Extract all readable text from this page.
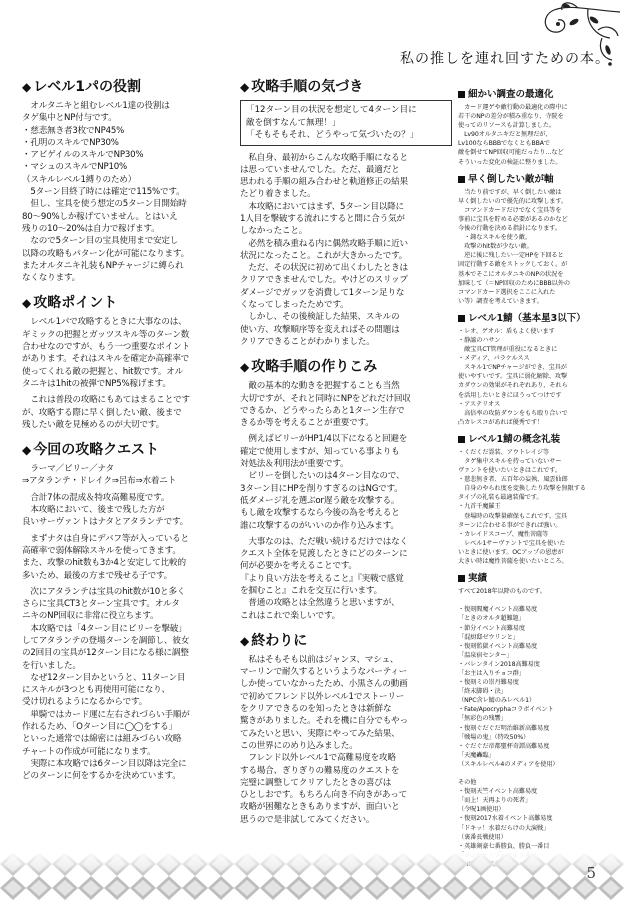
私の推しを連れ回すための本。
◆ レベル1パの役割

　オルタニキと組むレベル1達の役割は
タゲ集中とNP付与です。

・慈悲無き者3枚でNP45%
・孔明のスキルでNP30%
・アビゲイルのスキルでNP30%
・マシュのスキルでNP10%
（スキルレベル1縛りのため）

　5ターン目終了時には確定で115%です。
　但し、宝具を使う想定の5ターン目開始時
80〜90%しか稼げていません。とはいえ
残りの10〜20%は自力で稼げます。
　なので5ターン目の宝具使用まで安定し
以降の攻略もパターン化が可能になります。
またオルタニキ礼装もNPチャージに縛られ
なくなります。

◆ 攻略ポイント

　レベル1パで攻略するときに大事なのは、
ギミックの把握とガッツスキル等のターン数
合わせなのですが、もう一つ重要なポイント
があります。それはスキルを確定か高確率で
使ってくれる敵の把握と、hit数です。オル
タニキは1hitの被弾でNP5%稼げます。

　これは普段の攻略にもあてはまることです
が、攻略する際に早く倒したい敵、後まで
残したい敵を見極めるのが大切です。

◆ 今回の攻略クエスト

　ラーマ／ビリー／ナタ
⇒アタランテ・ドレイク⇒呂布⇒水着ニト

　合計7体の混成＆特攻高難易度です。
　本攻略において、後まで残した方が
良いサーヴァントはナタとアタランテです。

　まずナタは自身にデバフ等が入っていると
高確率で弱体解除スキルを使ってきます。
また、攻撃のhit数も3か4と安定して比較的
多いため、最後の方まで残せる子です。

　次にアタランテは宝具のhit数が10と多く
さらに宝具CT3とターン宝具です。オルタ
ニキのNP回収に非常に役立ちます。
　本攻略では「4ターン目にビリーを撃破」
してアタランテの登場ターンを調節し、彼女
の2回目の宝具が12ターン目になる様に調整
を行いました。
　なぜ12ターン目かというと、11ターン目
にスキルが3つとも再使用可能になり、
受け切れるようになるからです。
　単騎ではカード運に左右されづらい手順が
作れるため、「Oターン目に◯◯をする」
といった通常では綿密には組みづらい攻略
チャートの作成が可能になります。
　実際に本攻略では6ターン目以降は完全に
どのターンに何をするかを決めています。

◆ 攻略手順の気づき
「12ターン目の状況を想定して4ターン目に
敵を倒すなんて無理！」
「そもそもそれ、どうやって気づいたの？」

　私自身、最初からこんな攻略手順になると
は思っていませんでした。ただ、最適だと
思われる手順の組み合わせと軌道修正の結果
たどり着きました。
　本攻略においてはまず、5ターン目以降に
1人目を撃破する流れにすると間に合う気が
しなかったこと。
　必然を積み重ねる内に偶然攻略手順に近い
状況になったこと。これが大きかったです。
　ただ、その状況に初めて出くわしたときは
クリアできませんでした。やけどのスリップ
ダメージでガッツを消費して1ターン足りな
くなってしまったためです。
　しかし、その後検証した結果、スキルの
使い方、攻撃順序等を変えればその問題は
クリアできることがわかりました。

◆ 攻略手順の作りこみ

　敵の基本的な動きを把握することも当然
大切ですが、それと同時にNPをどれだけ回収
できるか、どうやったらあと1ターン生存で
きるか等を考えることが重要です。

　例えばビリーがHP1/4以下になると回避を
確定で使用しますが、知っている事よりも
対処法＆利用法が重要です。
　ビリーを倒したいのは4ターン目なので、
3ターン目にHPを削りすぎるのはNGです。
低ダメージ礼を選ぶor遅う敵を攻撃する。
もし敵を攻撃するなら今後の為を考えると
誰に攻撃するのがいいのか作り込みます。

　大事なのは、ただ戦い続けるだけではなく
クエスト全体を見渡したときにどのターンに
何が必要かを考えることです。
『より良い方法を考えること』『実戦で感覚
を掴むこと』これを交互に行います。
　普通の攻略とは全然違うと思いますが、
これはこれで楽しいです。

◆ 終わりに

　私はそもそも以前はジャンヌ、マシュ、
マーリンで耐久するというようなパーティー
しか使っていなかったため、小黒さんの動画
で初めてフレンド以外レベル1でストーリー
をクリアできるのを知ったときは新鮮な
驚きがありました。それを機に自分でもやっ
てみたいと思い、実際にやってみた結果、
この世界にのめり込みました。
　フレンド以外レベル1で高難易度を攻略
する場合、ぎりぎりの難易度のクエストを
完璧に調整してクリアしたときの喜びは
ひとしおです。もちろん向き不向きがあって
攻略が困難なときもありますが、面白いと
思うので是非試してみてください。

細かい調査の最適化

　カード運ゲや敵行動の最適化の際中に
若干のNPの差分が積み重なり、寺院を
使ってのリソースも計算しました。
　Lv90オルタニキだと無理だが、
Lv100ならBBBでなくともBBAで
敵を倒せてNP回収可能だったり…など
そういった変化の検証に整りました。

早く倒したい敵が軸

　当たり前ですが、早く倒したい敵は
早く倒したいので優先的に攻撃します。
　コマンドカードだけでなく宝具等を
事前に宝具を貯める必要があるのかなど
今後の行動を決める指針になります。
　・鐘なスキルを使う敵。
　攻撃のhit数が少ない敵。
　逆に後に残したい一定HPを下回ると
固定行動する敵をストックしておく。が
基本でそこにオルタニキのNPの状況を
加味して（＝NP回収のためにBBB以外の
コマンドカード選択をここに入れた
い等）調査を考えていきます。

レベル1鯖（基本星3以下）

・レオ、ゲオル：盾もよく使います
・静謐のハサン
　敵宝具CT管理が重役になるときに
・メディア、パラケルスス
　スキル1でNPチャージができ、宝具が
使いやすいです。宝具に弱化解除、攻撃
カダウンの効果がそれぞれあり、それら
を活用したいときにほうってつけです
・アステリオス
　高倍率の攻防ダウンをもち殴り合いで
凸カレスコがあれば優秀です！

レベル1鯖の概念礼装

・くだくだ霊装、アウトレイジ等
　タゲ集中スキルを持っていないサー
ヴァントを使いたいときはこれです。
・慈悲無き者、五百年の妄執、風雲仙郎
　自身のやられ度を変換したり攻撃を無限する
タイプの礼装も最適装備です。
・九首千魔羅王
　登場時の攻撃量確保もこれです。宝具
ターンに合わせる事ができれば強い。
・カレイドスコープ、魔性菩薩等
　レベル1サーヴァントで宝具を使いた
いときに使います。OCアップの恩恵が
大きい時は魔性菩薩を使いたいところ。

実績

すべて2018年以降のものです。

・復刻閻魔イベント高難易度
「ときのオルタ超難題」
・節分イベント高難易度
「混厨邸ゼウリンと」
・復刻監獄イベント高難易度
「温泉宿センター」
・バレンタイン2018高難易度
「お主は入りチョコ群」
・復刻ミの崇丹難易度
「終末脚碍・決」
（NPC含レ鯖のみレベル1）
・Fate/Apocryphaコラボイベント
「無彩色の残響」
・復刻ぐだぐだ明治維新高難易度
「戦場の鬼」（特攻50%）
・ぐだぐだ帝都聖杯奇譚高難易度
「天魔轟臨」
（スキルレベル4のメディアを使用）

その他
・復刻天竺イベント高難易度
「而上！天再よりの死者」
（令呪1画使用）
・復刻2017水着イベント高難易度
「ドキッ！水着だらけの大演戦」
（裏番長戦使用）
・英雄剣豪七番勝負、勝負一番目

5
